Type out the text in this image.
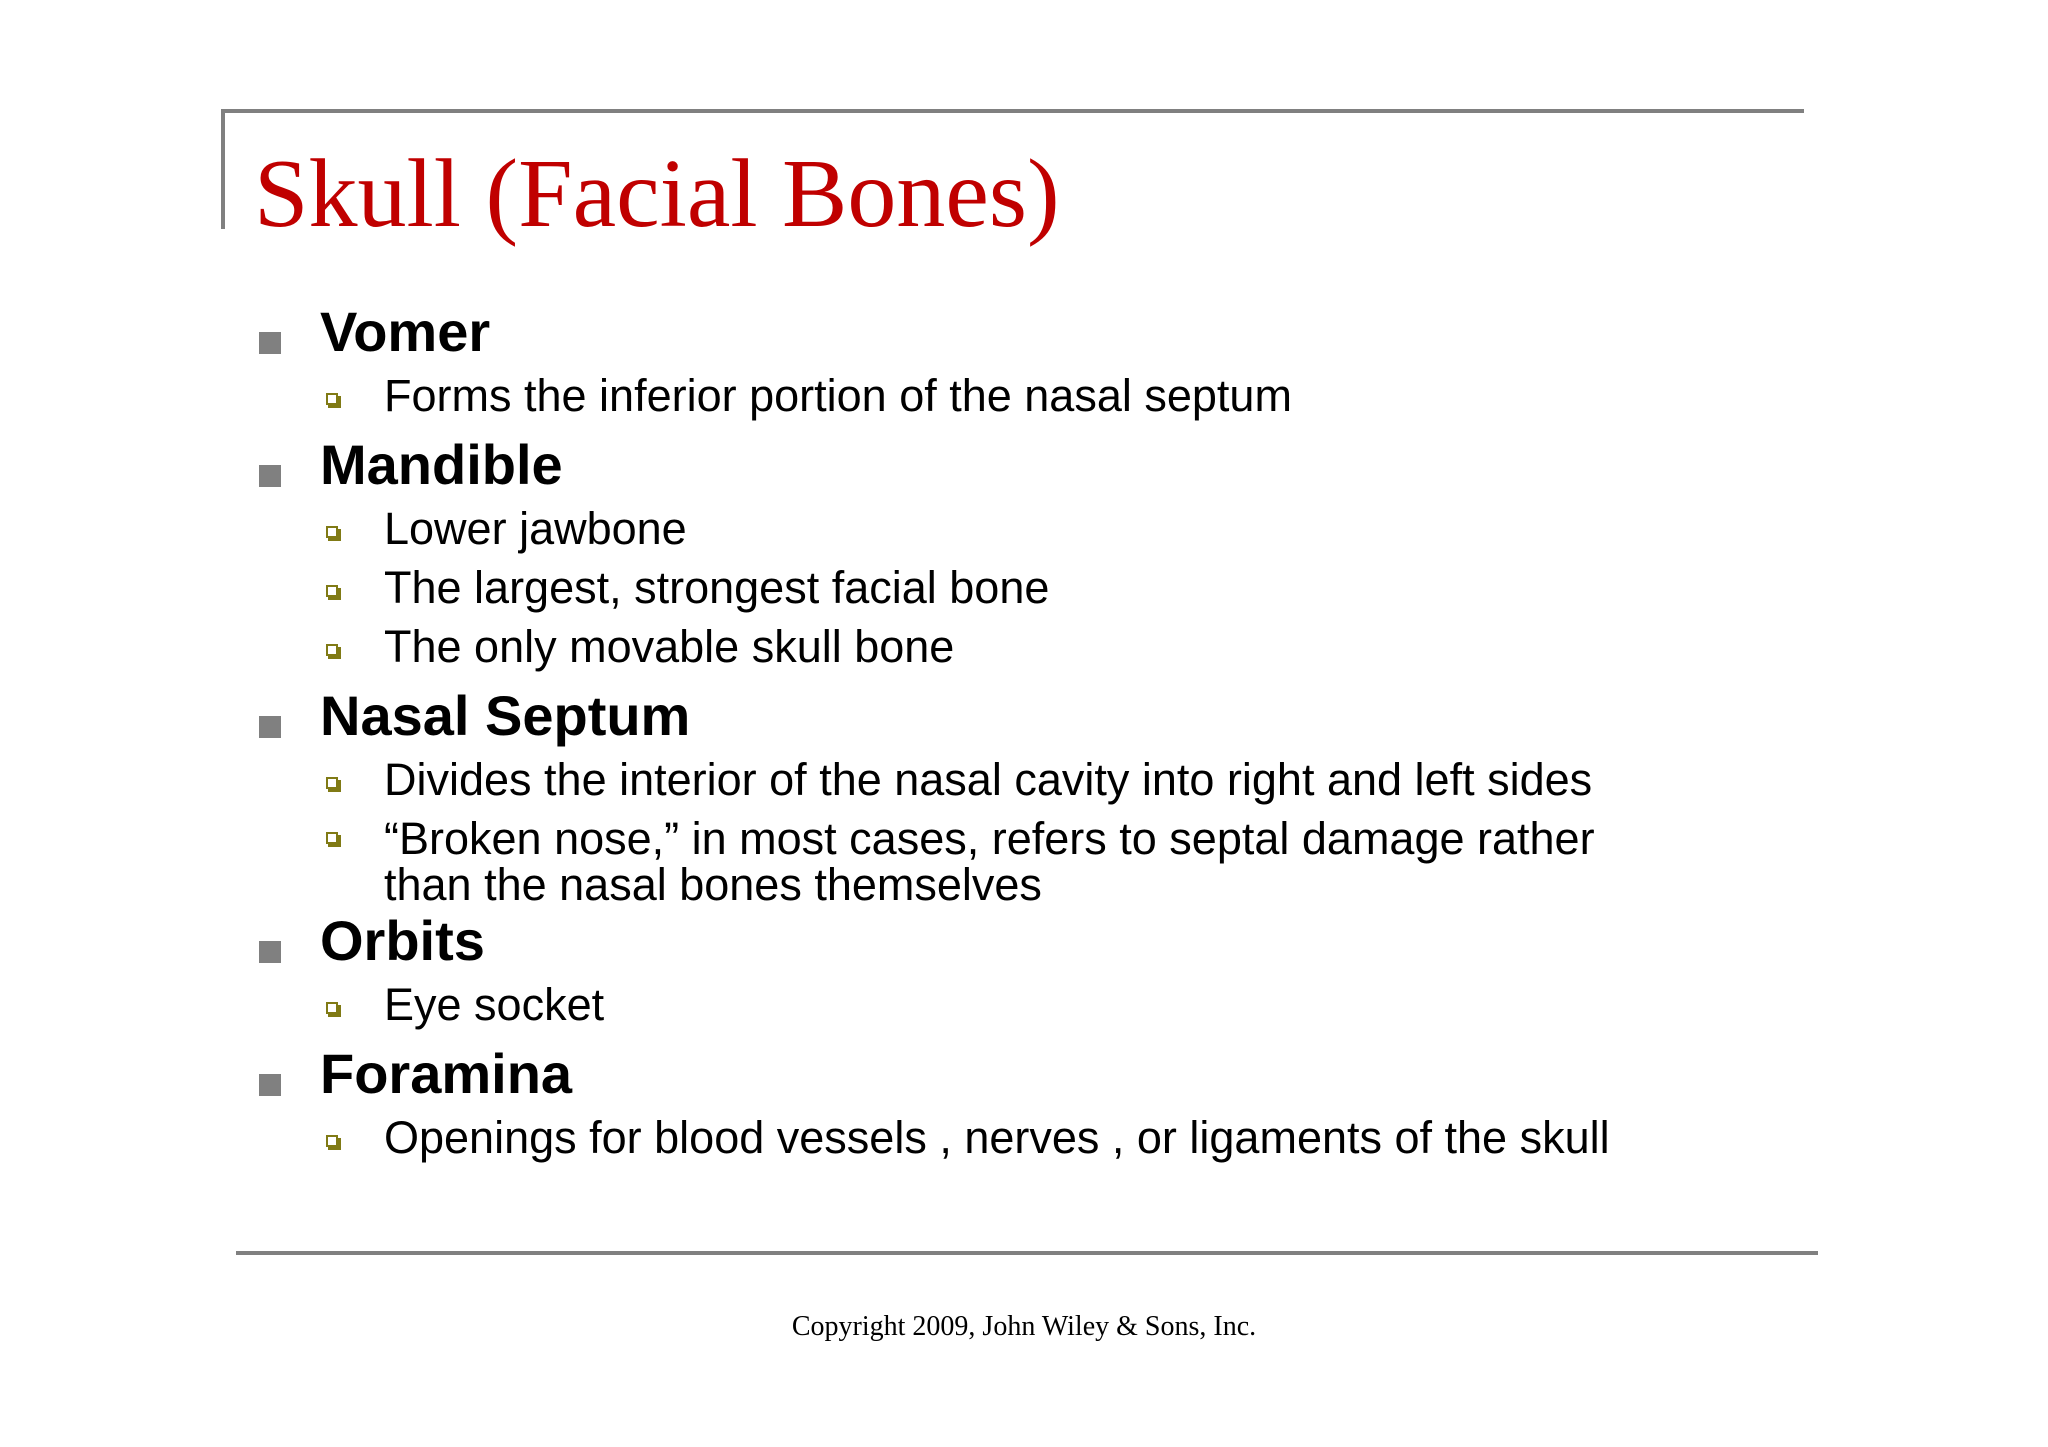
Skull (Facial Bones)
Vomer
Forms the inferior portion of the nasal septum
Mandible
Lower jawbone
The largest, strongest facial bone
The only movable skull bone
Nasal Septum
Divides the interior of the nasal cavity into right and left sides
“Broken nose,” in most cases, refers to septal damage rather
than the nasal bones themselves
Orbits
Eye socket
Foramina
Openings for blood vessels , nerves , or ligaments of the skull
Copyright 2009, John Wiley & Sons, Inc.
